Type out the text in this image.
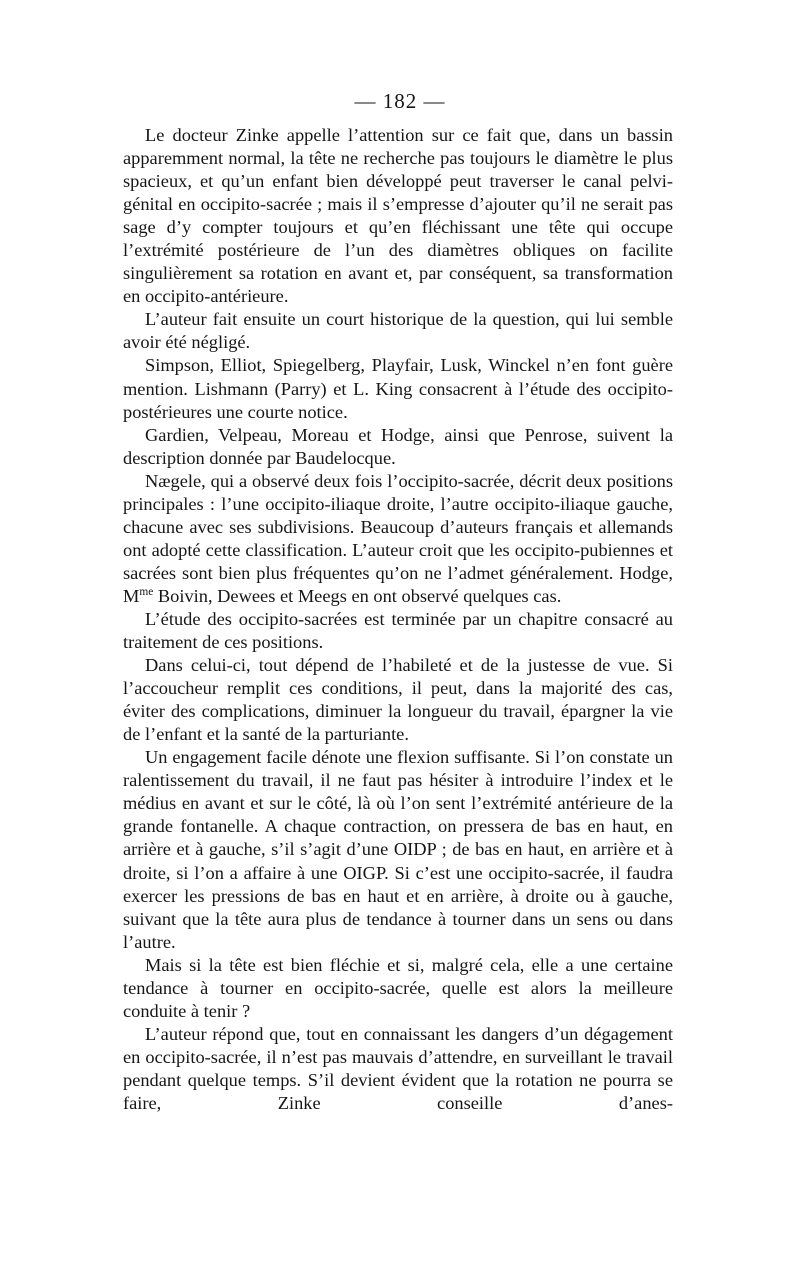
— 182 —

Le docteur Zinke appelle l’attention sur ce fait que, dans un bassin apparemment normal, la tête ne recherche pas toujours le diamètre le plus spacieux, et qu’un enfant bien développé peut traverser le canal pelvi-génital en occipito-sacrée ; mais il s’empresse d’ajouter qu’il ne serait pas sage d’y compter toujours et qu’en fléchissant une tête qui occupe l’extrémité postérieure de l’un des diamètres obliques on facilite singulièrement sa rotation en avant et, par conséquent, sa transformation en occipito-antérieure.

L’auteur fait ensuite un court historique de la question, qui lui semble avoir été négligé.

Simpson, Elliot, Spiegelberg, Playfair, Lusk, Winckel n’en font guère mention. Lishmann (Parry) et L. King consacrent à l’étude des occipito-postérieures une courte notice.

Gardien, Velpeau, Moreau et Hodge, ainsi que Penrose, suivent la description donnée par Baudelocque.

Nægele, qui a observé deux fois l’occipito-sacrée, décrit deux positions principales : l’une occipito-iliaque droite, l’autre occipito-iliaque gauche, chacune avec ses subdivisions. Beaucoup d’auteurs français et allemands ont adopté cette classification. L’auteur croit que les occipito-pubiennes et sacrées sont bien plus fréquentes qu’on ne l’admet généralement. Hodge, $M^{me}$ Boivin, Dewees et Meegs en ont observé quelques cas.

L’étude des occipito-sacrées est terminée par un chapitre consacré au traitement de ces positions.

Dans celui-ci, tout dépend de l’habileté et de la justesse de vue. Si l’accoucheur remplit ces conditions, il peut, dans la majorité des cas, éviter des complications, diminuer la longueur du travail, épargner la vie de l’enfant et la santé de la parturiante.

Un engagement facile dénote une flexion suffisante. Si l’on constate un ralentissement du travail, il ne faut pas hésiter à introduire l’index et le médius en avant et sur le côté, là où l’on sent l’extrémité antérieure de la grande fontanelle. A chaque contraction, on pressera de bas en haut, en arrière et à gauche, s’il s’agit d’une OIDP ; de bas en haut, en arrière et à droite, si l’on a affaire à une OIGP. Si c’est une occipito-sacrée, il faudra exercer les pressions de bas en haut et en arrière, à droite ou à gauche, suivant que la tête aura plus de tendance à tourner dans un sens ou dans l’autre.

Mais si la tête est bien fléchie et si, malgré cela, elle a une certaine tendance à tourner en occipito-sacrée, quelle est alors la meilleure conduite à tenir ?

L’auteur répond que, tout en connaissant les dangers d’un dégagement en occipito-sacrée, il n’est pas mauvais d’attendre, en surveillant le travail pendant quelque temps. S’il devient évident que la rotation ne pourra se faire, Zinke conseille d’anes-
